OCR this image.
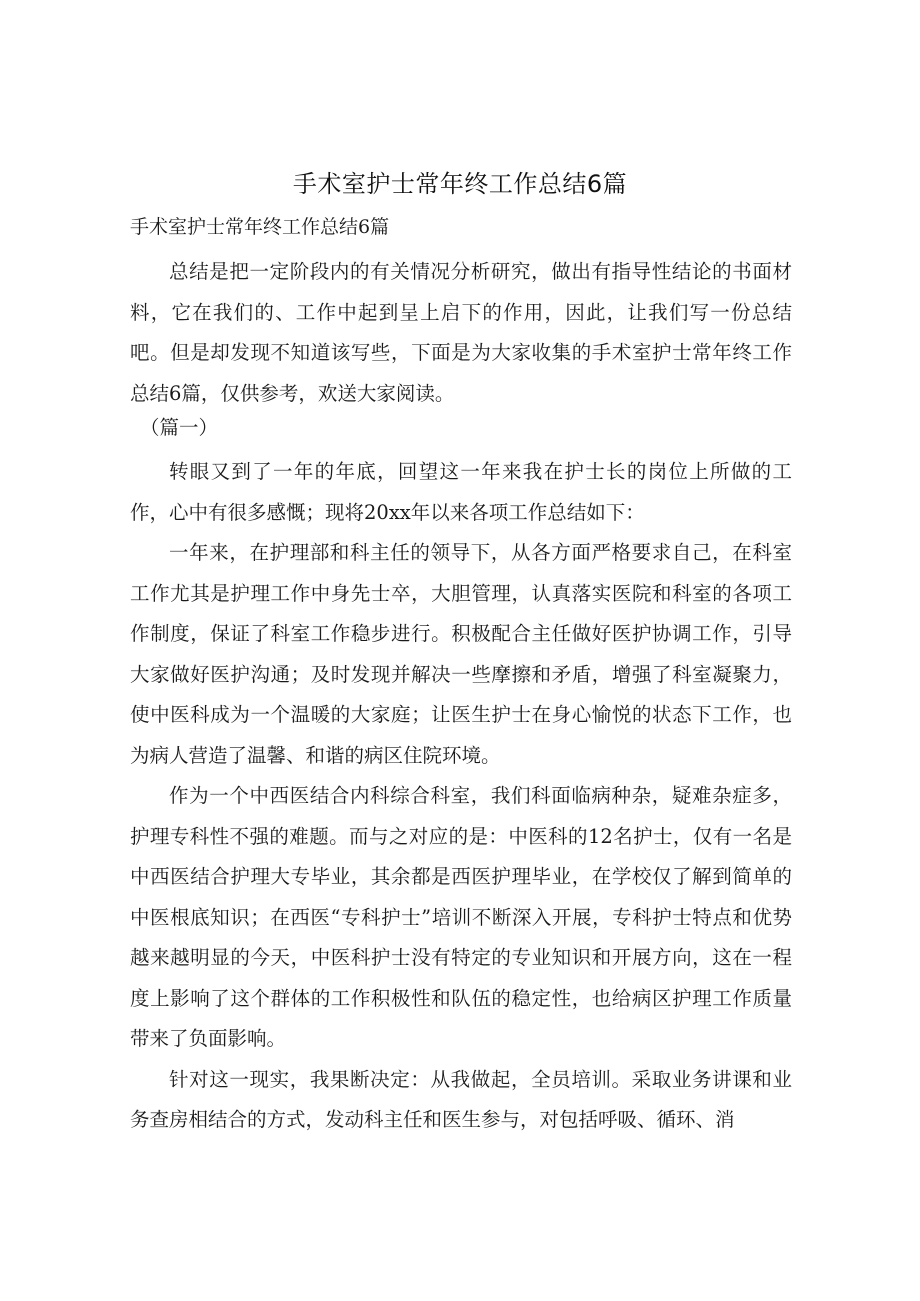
手术室护士常年终工作总结6篇
手术室护士常年终工作总结6篇

总结是把一定阶段内的有关情况分析研究，做出有指导性结论的书面材料，它在我们的、工作中起到呈上启下的作用，因此，让我们写一份总结吧。但是却发现不知道该写些，下面是为大家收集的手术室护士常年终工作总结6篇，仅供参考，欢送大家阅读。

（篇一）

转眼又到了一年的年底，回望这一年来我在护士长的岗位上所做的工作，心中有很多感慨；现将20xx年以来各项工作总结如下：

一年来，在护理部和科主任的领导下，从各方面严格要求自己，在科室工作尤其是护理工作中身先士卒，大胆管理，认真落实医院和科室的各项工作制度，保证了科室工作稳步进行。积极配合主任做好医护协调工作，引导大家做好医护沟通；及时发现并解决一些摩擦和矛盾，增强了科室凝聚力，使中医科成为一个温暖的大家庭；让医生护士在身心愉悦的状态下工作，也为病人营造了温馨、和谐的病区住院环境。

作为一个中西医结合内科综合科室，我们科面临病种杂，疑难杂症多，护理专科性不强的难题。而与之对应的是：中医科的12名护士，仅有一名是中西医结合护理大专毕业，其余都是西医护理毕业，在学校仅了解到简单的中医根底知识；在西医“专科护士”培训不断深入开展，专科护士特点和优势越来越明显的今天，中医科护士没有特定的专业知识和开展方向，这在一程度上影响了这个群体的工作积极性和队伍的稳定性，也给病区护理工作质量带来了负面影响。

针对这一现实，我果断决定：从我做起，全员培训。采取业务讲课和业务查房相结合的方式，发动科主任和医生参与，对包括呼吸、循环、消
